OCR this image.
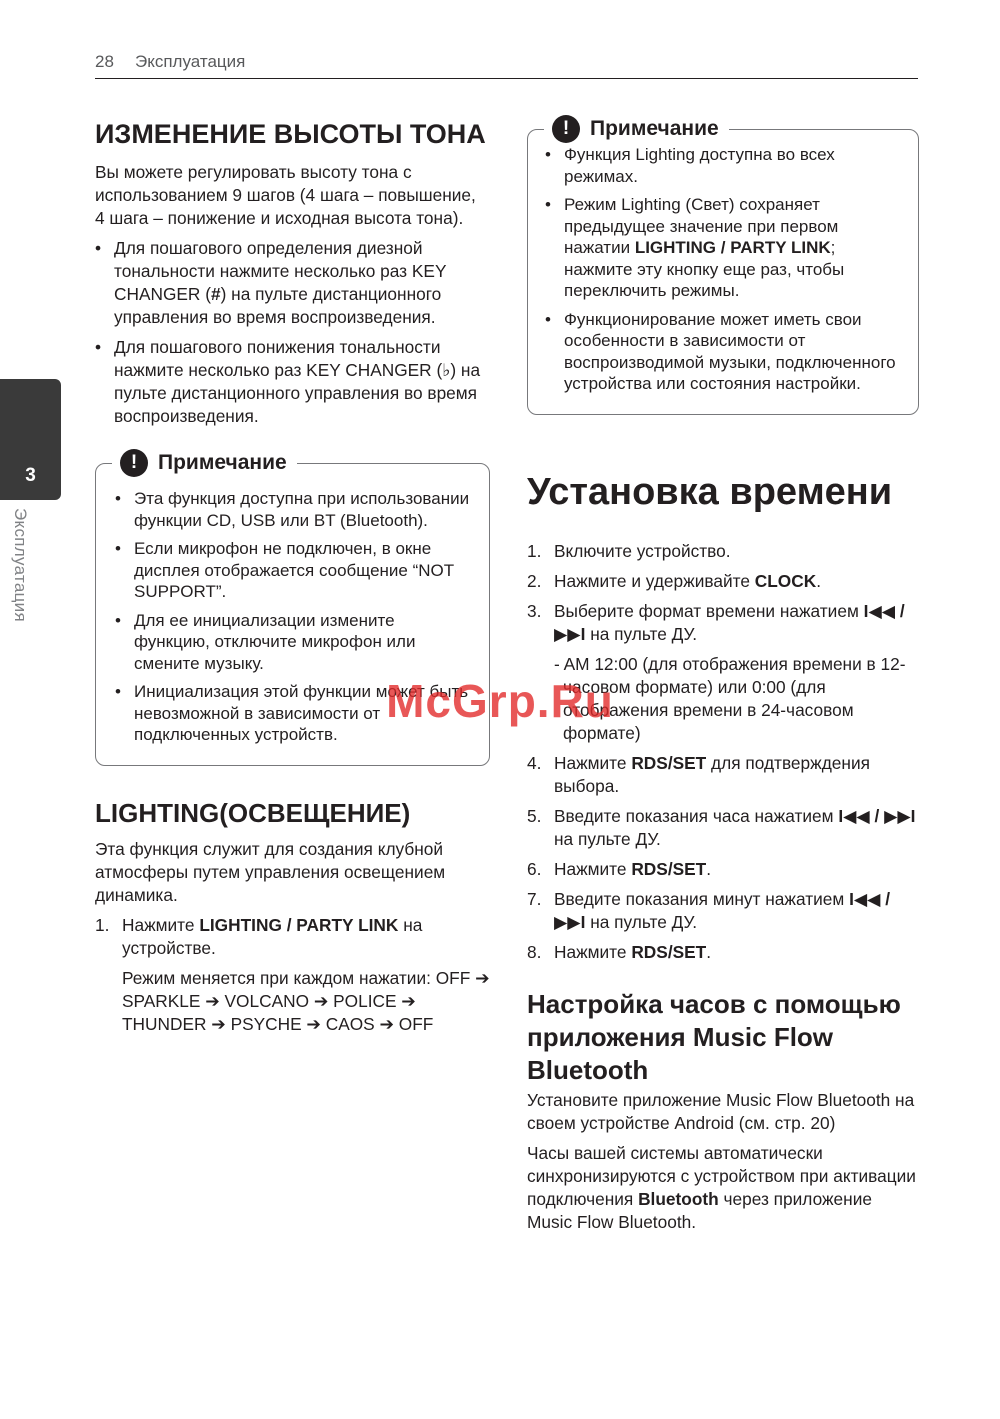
28 Эксплуатация
3
Эксплуатация
ИЗМЕНЕНИЕ ВЫСОТЫ ТОНА

Вы можете регулировать высоту тона с использованием 9 шагов (4 шага – повышение, 4 шага – понижение и исходная высота тона).

• Для пошагового определения диезной тональности нажмите несколько раз KEY CHANGER (#) на пульте дистанционного управления во время воспроизведения.
• Для пошагового понижения тональности нажмите несколько раз KEY CHANGER (♭) на пульте дистанционного управления во время воспроизведения.
! Примечание
• Эта функция доступна при использовании функции CD, USB или BT (Bluetooth).
• Если микрофон не подключен, в окне дисплея отображается сообщение “NOT SUPPORT”.
• Для ее инициализации измените функцию, отключите микрофон или смените музыку.
• Инициализация этой функции может быть невозможной в зависимости от подключенных устройств.
LIGHTING(ОСВЕЩЕНИЕ)

Эта функция служит для создания клубной атмосферы путем управления освещением динамика.

1. Нажмите LIGHTING / PARTY LINK на устройстве.
Режим меняется при каждом нажатии: OFF ➔ SPARKLE ➔ VOLCANO ➔ POLICE ➔ THUNDER ➔ PSYCHE ➔ CAOS ➔ OFF
! Примечание
• Функция Lighting доступна во всех режимах.
• Режим Lighting (Свет) сохраняет предыдущее значение при первом нажатии LIGHTING / PARTY LINK; нажмите эту кнопку еще раз, чтобы переключить режимы.
• Функционирование может иметь свои особенности в зависимости от воспроизводимой музыки, подключенного устройства или состояния настройки.
Установка времени
1. Включите устройство.
2. Нажмите и удерживайте CLOCK.
3. Выберите формат времени нажатием I◀◀ / ▶▶I на пульте ДУ.
- AM 12:00 (для отображения времени в 12-часовом формате) или 0:00 (для отображения времени в 24-часовом формате)
4. Нажмите RDS/SET для подтверждения выбора.
5. Введите показания часа нажатием I◀◀ / ▶▶I на пульте ДУ.
6. Нажмите RDS/SET.
7. Введите показания минут нажатием I◀◀ / ▶▶I на пульте ДУ.
8. Нажмите RDS/SET.
Настройка часов с помощью приложения Music Flow Bluetooth

Установите приложение Music Flow Bluetooth на своем устройстве Android (см. стр. 20)

Часы вашей системы автоматически синхронизируются с устройством при активации подключения Bluetooth через приложение Music Flow Bluetooth.

McGrp.Ru
